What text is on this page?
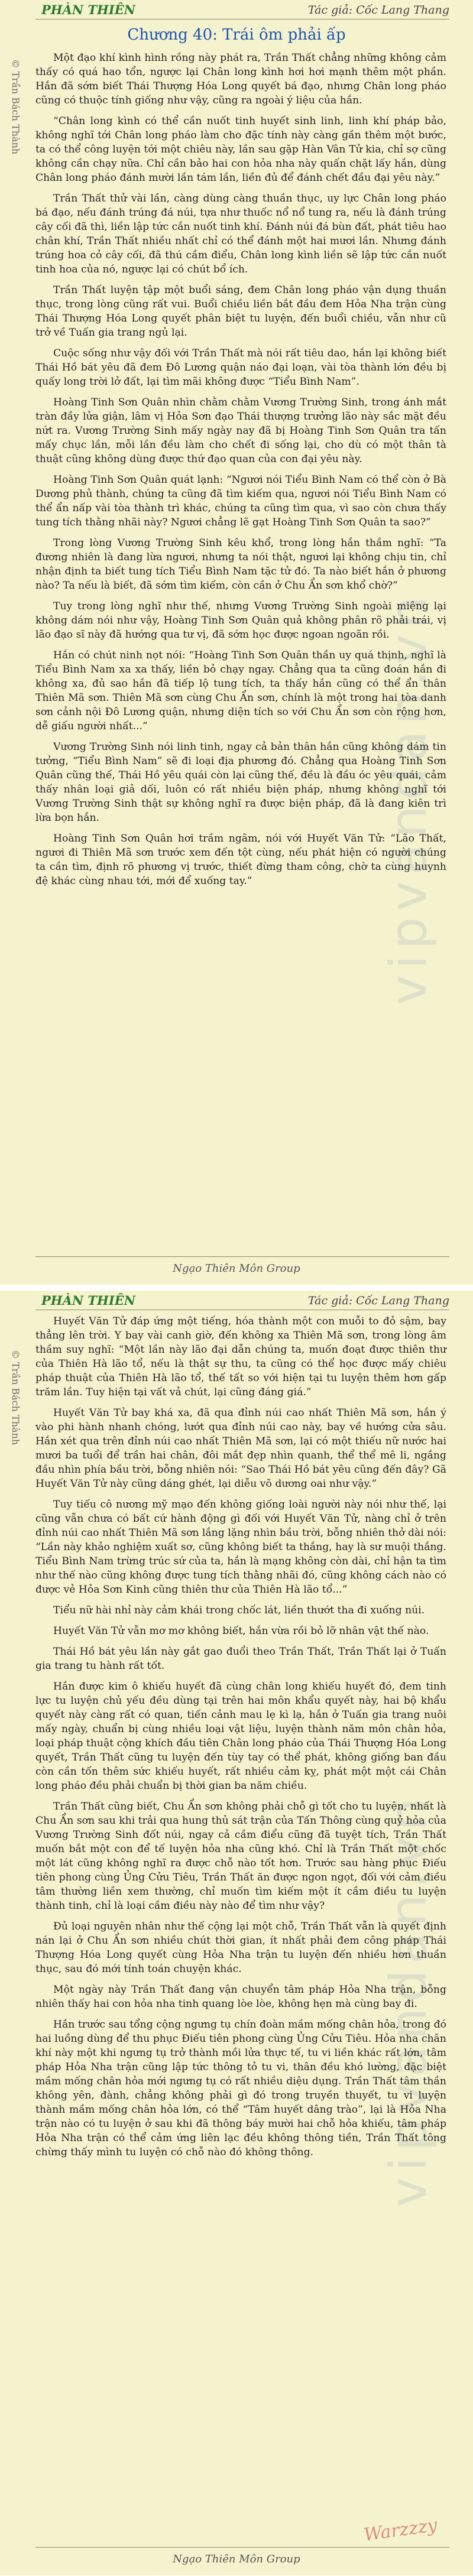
PHÀN THIÊN	Tác giả: Cốc Lang Thang
© Trần Bách Thành
Chương 40: Trái ôm phải ấp
vipvandan.vn

Một đạo khí kình hình rồng này phát ra, Trần Thất chẳng những không cảm thấy có quá hao tổn, ngược lại Chân long kình hơi hơi mạnh thêm một phần. Hắn đã sớm biết Thái Thượng Hóa Long quyết bá đạo, nhưng Chân long pháo cũng có thuộc tính giống như vậy, cũng ra ngoài ý liệu của hắn.

“Chân long kình có thể cần nuốt tinh huyết sinh linh, linh khí pháp bảo, không nghĩ tới Chân long pháo làm cho đặc tính này càng gần thêm một bước, ta có thể công luyện tới một chiêu này, lần sau gặp Hàn Vân Tử kia, chỉ sợ cũng không cần chạy nữa. Chỉ cần bảo hai con hỏa nha này quấn chặt lấy hắn, dùng Chân long pháo đánh mười lần tám lần, liền đủ để đánh chết đầu đại yêu này.”

Trần Thất thử vài lần, càng dùng càng thuần thục, uy lực Chân long pháo bá đạo, nếu đánh trúng đá núi, tựa như thuốc nổ nổ tung ra, nếu là đánh trúng cây cối đã thì, liền lập tức cắn nuốt tinh khí. Đánh núi đá bùn đất, phát tiêu hao chân khí, Trần Thất nhiều nhất chỉ có thể đánh một hai mươi lần. Nhưng đánh trúng hoa cỏ cây cối, đã thú cầm điểu, Chân long kình liền sẽ lập tức cắn nuốt tinh hoa của nó, ngược lại có chút bổ ích.

Trần Thất luyện tập một buổi sáng, đem Chân long pháo vận dụng thuần thục, trong lòng cũng rất vui. Buổi chiều liền bắt đầu đem Hỏa Nha trận cùng Thái Thượng Hóa Long quyết phân biệt tu luyện, đến buổi chiều, vẫn như cũ trở về Tuấn gia trang ngủ lại.

Cuộc sống như vậy đối với Trần Thất mà nói rất tiêu dao, hắn lại không biết Thái Hồ bát yêu đã đem Đô Lương quận náo đại loạn, vài tòa thành lớn đều bị quấy long trời lở đất, lại tìm mãi không được “Tiểu Bình Nam”.

Hoàng Tinh Sơn Quân nhìn chằm chằm Vương Trường Sinh, trong ánh mắt tràn đầy lửa giận, lâm vị Hỏa Sơn đạo Thái thượng trưởng lão này sắc mặt đều nứt ra. Vương Trường Sinh mấy ngày nay đã bị Hoàng Tinh Sơn Quân tra tấn mấy chục lần, mỗi lần đều làm cho chết đi sống lại, cho dù có một thân tà thuật cũng không dùng được thứ đạo quan của con đại yêu này.

Hoàng Tinh Sơn Quân quát lạnh: “Ngươi nói Tiểu Bình Nam có thể còn ở Bà Dương phủ thành, chúng ta cũng đã tìm kiếm qua, ngươi nói Tiểu Bình Nam có thể ẩn nấp vài tòa thành trì khác, chúng ta cũng tìm qua, vì sao còn chưa thấy tung tích thằng nhãi này? Ngươi chẳng lẽ gạt Hoàng Tinh Sơn Quân ta sao?”

Trong lòng Vương Trường Sinh kêu khổ, trong lòng hắn thầm nghĩ: “Ta đương nhiên là đang lừa ngươi, nhưng ta nói thật, ngươi lại không chịu tin, chỉ nhận định ta biết tung tích Tiểu Bình Nam tặc tử đó. Ta nào biết hắn ở phương nào? Ta nếu là biết, đã sớm tìm kiếm, còn cần ở Chu Ẩn sơn khổ chờ?”

Tuy trong lòng nghĩ như thế, nhưng Vương Trường Sinh ngoài miệng lại không dám nói như vậy, Hoàng Tinh Sơn Quân quả không phân rõ phải trái, vị lão đạo sĩ này đã hướng qua tư vị, đã sớm học được ngoan ngoãn rồi.

Hắn có chút ninh nọt nói: “Hoàng Tinh Sơn Quân thần uy quá thịnh, nghĩ là Tiểu Bình Nam xa xa thấy, liền bỏ chạy ngay. Chẳng qua ta cũng đoán hắn đi không xa, đủ sao hắn đã tiếp lộ tung tích, ta thấy hắn cũng có thể ẩn thân Thiên Mã sơn. Thiên Mã sơn cùng Chu Ẩn sơn, chính là một trong hai tòa danh sơn cảnh nội Đô Lương quận, nhưng diện tích so với Chu Ẩn sơn còn rộng hơn, dễ giấu người nhất...”

Vương Trường Sinh nói linh tinh, ngay cả bản thân hắn cũng không dám tin tưởng, “Tiểu Bình Nam” sẽ đi loại địa phương đó. Chẳng qua Hoàng Tinh Sơn Quân cũng thế, Thái Hồ yêu quái còn lại cũng thế, đều là đầu óc yêu quái, cảm thấy nhân loại giả dối, luôn có rất nhiều biện pháp, nhưng không nghĩ tới Vương Trường Sinh thật sự không nghĩ ra được biện pháp, đã là đang kiên trì lừa bọn hắn.

Hoàng Tinh Sơn Quân hơi trầm ngâm, nói với Huyết Văn Tử: “Lão Thất, ngươi đi Thiên Mã sơn trước xem đến tột cùng, nếu phát hiện có người chúng ta cần tìm, định rõ phương vị trước, thiết đừng tham công, chờ ta cùng huynh đệ khác cùng nhau tới, mới để xuống tay.”

Ngạo Thiên Môn Group
PHÀN THIÊN	Tác giả: Cốc Lang Thang
© Trần Bách Thành
vipvandan.vn

Huyết Văn Tử đáp ứng một tiếng, hóa thành một con muỗi to đỏ sậm, bay thẳng lên trời. Y bay vài canh giờ, đến không xa Thiên Mã sơn, trong lòng âm thầm suy nghĩ: “Một lần này lão đại dẫn chúng ta, muốn đoạt được thiên thư của Thiên Hà lão tổ, nếu là thật sự thu, ta cũng có thể học được mấy chiêu pháp thuật của Thiên Hà lão tổ, thế tất so với hiện tại tu luyện thêm hơn gấp trăm lần. Tuy hiện tại vất vả chút, lại cũng đáng giá.”

Huyết Văn Tử bay khá xa, đã qua đỉnh núi cao nhất Thiên Mã sơn, hắn ý vào phi hành nhanh chóng, lướt qua đỉnh núi cao này, bay về hướng cửa sâu. Hắn xét qua trên đỉnh núi cao nhất Thiên Mã sơn, lại có một thiếu nữ nước hai mươi ba tuổi để trần hai chân, đôi mắt đẹp nhìn quanh, thể thể mê li, ngắng đầu nhìn phía bầu trời, bỗng nhiên nói: “Sao Thái Hồ bát yêu cũng đến đây? Gã Huyết Văn Tử này cũng dáng ghét, lại diễu võ dương oai như vậy.”

Tuy tiếu cô nương mỹ mạo đến không giống loài người này nói như thế, lại cũng vẫn chưa có bất cứ hành động gì đối với Huyết Văn Tử, nàng chỉ ở trên đỉnh núi cao nhất Thiên Mã sơn lắng lặng nhìn bầu trời, bỗng nhiên thở dài nói: “Lần này khảo nghiệm xuất sơ, cũng không biết ta thắng, hay là sư muội thắng. Tiểu Bình Nam trừng trúc sứ của ta, hắn là mạng không còn dài, chỉ hận ta tìm như thế nào cũng không được tung tích thằng nhãi đó, cũng không cách nào có được vẻ Hỏa Sơn Kinh cũng thiên thư của Thiên Hà lão tổ...”

Tiểu nữ hài nhỉ này cảm khái trong chốc lát, liền thướt tha đi xuống núi.

Huyết Văn Tử vẫn mơ mơ không biết, hắn vừa rồi bỏ lỡ nhân vật thế nào.

Thái Hồ bát yêu lần này gắt gao đuổi theo Trần Thất, Trần Thất lại ở Tuấn gia trang tu hành rất tốt.

Hắn được kim ô khiếu huyết đã cùng chân long khiếu huyết đó, đem tinh lực tu luyện chủ yếu đều dùng tại trên hai môn khẩu quyết này, hai bộ khẩu quyết này càng rất có quan, tiến cảnh mau lẹ kì lạ, hắn ở Tuấn gia trang nuôi mấy ngày, chuẩn bị cùng nhiều loại vật liệu, luyện thành năm môn chân hỏa, loại pháp thuật cộng khích đầu tiên Chân long pháo của Thái Thượng Hóa Long quyết, Trần Thất cũng tu luyện đến tùy tay có thể phát, không giống ban đầu còn cần tốn thêm sức khiếu huyết, rất nhiều cảm kỵ, phát một một cái Chân long pháo đều phải chuẩn bị thời gian ba năm chiều.

Trần Thất cũng biết, Chu Ẩn sơn không phải chỗ gì tốt cho tu luyện, nhất là Chu Ẩn sơn sau khi trải qua hung thủ sát trận của Tấn Thông cùng quỷ hỏa của Vương Trường Sinh đốt núi, ngay cả cầm điểu cũng đã tuyệt tích, Trần Thất muốn bắt một con để tế luyện hỏa nha cũng khó. Chỉ là Trần Thất một chốc một lát cũng không nghĩ ra được chỗ nào tốt hơn. Trước sau hàng phục Điếu tiên phong cùng Ủng Cửu Tiêu, Trần Thất ăn được ngon ngọt, đối với cảm điều tâm thường liền xem thường, chỉ muốn tìm kiếm một ít cầm điều tu luyện thành tinh, chỉ là loại cầm điều này nào để tìm như vậy?

Đủ loại nguyên nhân như thế cộng lại một chỗ, Trần Thất vẫn là quyết định nán lại ở Chu Ẩn sơn nhiều chút thời gian, ít nhất phải đem công pháp Thái Thượng Hóa Long quyết cùng Hỏa Nha trận tu luyện đến nhiều hơn thuần thục, sau đó mới tính toán chuyện khác.

Một ngày này Trần Thất đang vận chuyển tâm pháp Hỏa Nha trận, bỗng nhiên thấy hai con hỏa nha tinh quang lòe lòe, không hẹn mà cùng bay đi.

Hắn trước sau tổng cộng ngưng tụ chín đoàn mầm mống chân hỏa, trong đó hai luồng dùng để thu phục Điếu tiên phong cùng Ủng Cửu Tiêu. Hỏa nha chân khí này một khi ngưng tụ trở thành mồi lửa thực tế, tu vi liền khác rất lớn, tâm pháp Hỏa Nha trận cũng lập tức thông tỏ tu vi, thân đều khó lường, đặc biệt mầm mống chân hỏa mới ngưng tụ có rất nhiều diệu dụng. Trần Thất tâm thần không yên, đành, chẳng không phải gì đó trong truyền thuyết, tu vi luyện thành mầm mống chân hỏa lớn, có thể “Tâm huyết dâng trào”, lại là Hỏa Nha trận nào có tu luyện ở sau khi đã thông báy mười hai chỗ hỏa khiếu, tâm pháp Hỏa Nha trận có thể cảm ứng liên lạc đều không thông tiền, Trần Thất tông chừng thấy mình tu luyện có chỗ nào đó không thông.

Warzzzy
Ngạo Thiên Môn Group
